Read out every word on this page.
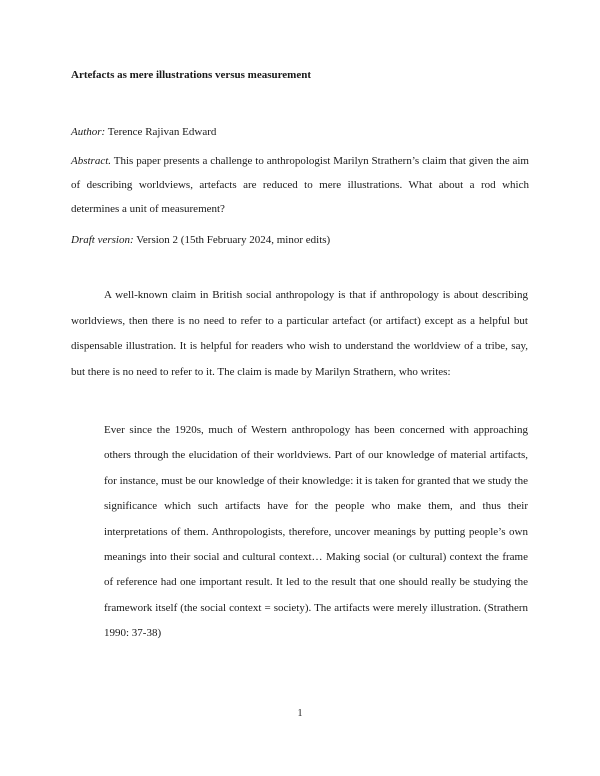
Artefacts as mere illustrations versus measurement
Author: Terence Rajivan Edward
Abstract. This paper presents a challenge to anthropologist Marilyn Strathern’s claim that given the aim of describing worldviews, artefacts are reduced to mere illustrations. What about a rod which determines a unit of measurement?
Draft version: Version 2 (15th February 2024, minor edits)
A well-known claim in British social anthropology is that if anthropology is about describing worldviews, then there is no need to refer to a particular artefact (or artifact) except as a helpful but dispensable illustration. It is helpful for readers who wish to understand the worldview of a tribe, say, but there is no need to refer to it. The claim is made by Marilyn Strathern, who writes:
Ever since the 1920s, much of Western anthropology has been concerned with approaching others through the elucidation of their worldviews. Part of our knowledge of material artifacts, for instance, must be our knowledge of their knowledge: it is taken for granted that we study the significance which such artifacts have for the people who make them, and thus their interpretations of them. Anthropologists, therefore, uncover meanings by putting people’s own meanings into their social and cultural context… Making social (or cultural) context the frame of reference had one important result. It led to the result that one should really be studying the framework itself (the social context = society). The artifacts were merely illustration. (Strathern 1990: 37-38)
1
